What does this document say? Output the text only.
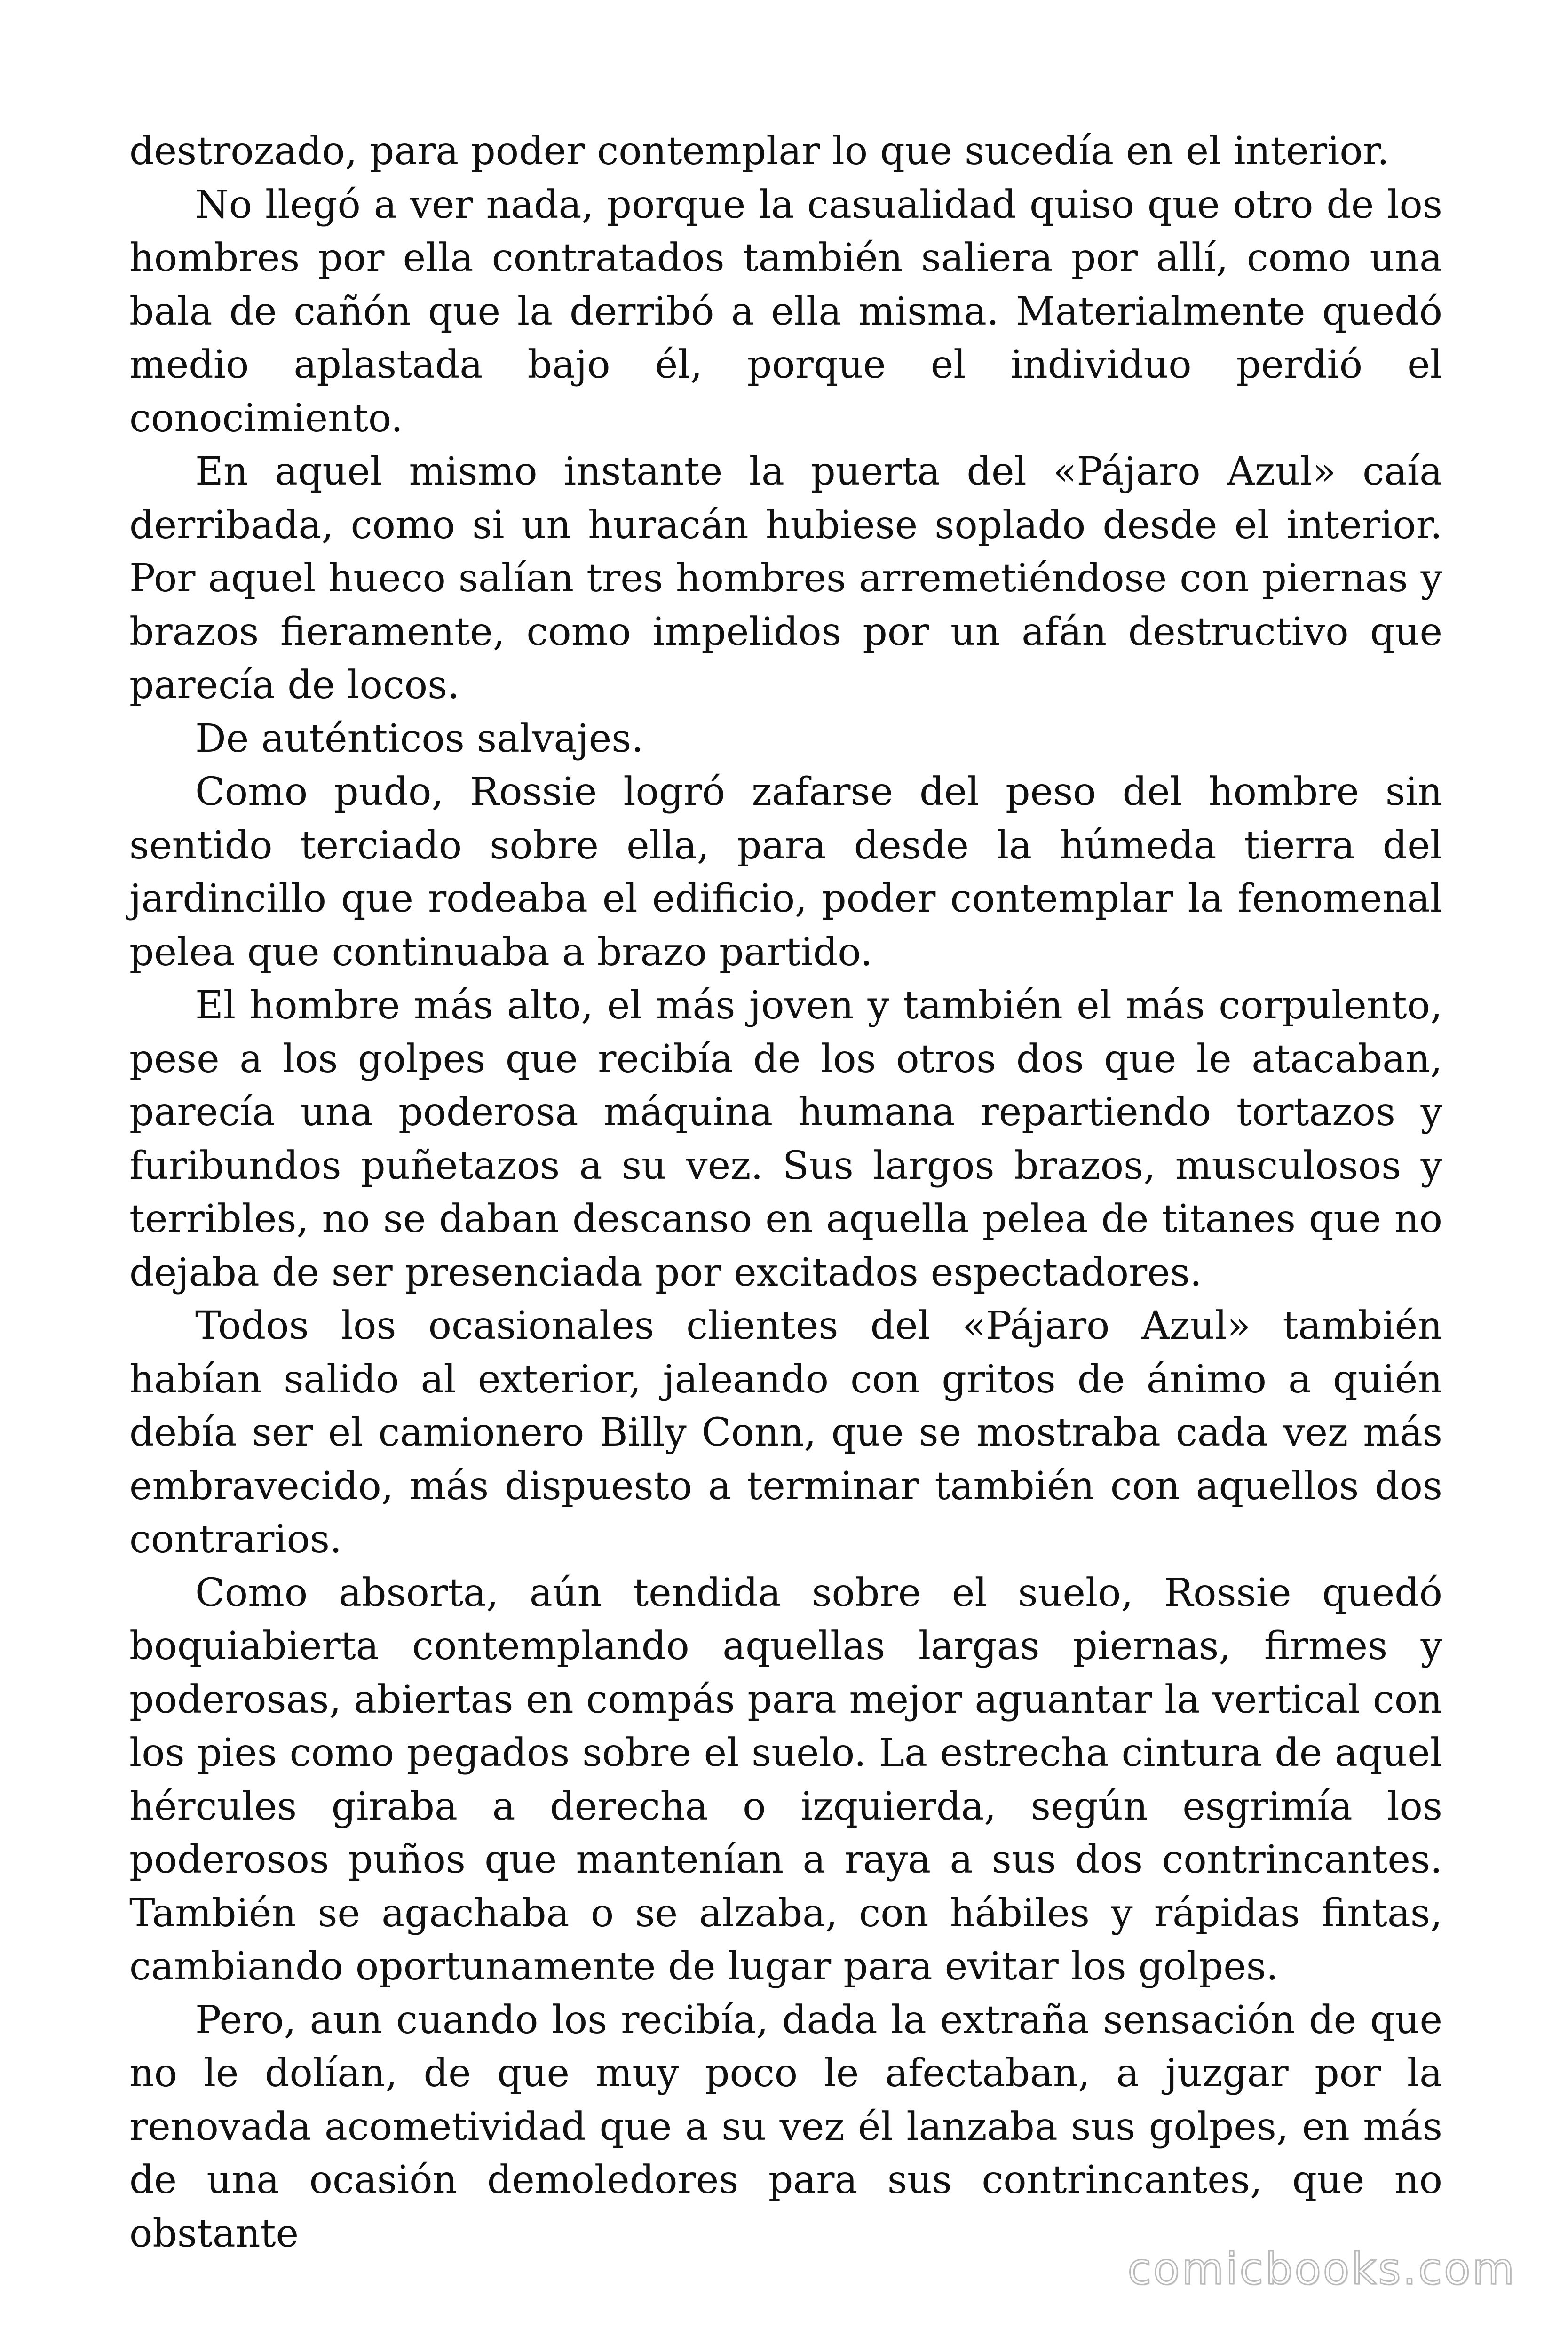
destrozado, para poder contemplar lo que sucedía en el interior.

No llegó a ver nada, porque la casualidad quiso que otro de los hombres por ella contratados también saliera por allí, como una bala de cañón que la derribó a ella misma. Materialmente quedó medio aplastada bajo él, porque el individuo perdió el conocimiento.

En aquel mismo instante la puerta del «Pájaro Azul» caía derribada, como si un huracán hubiese soplado desde el interior. Por aquel hueco salían tres hombres arremetiéndose con piernas y brazos fieramente, como impelidos por un afán destructivo que parecía de locos.

De auténticos salvajes.

Como pudo, Rossie logró zafarse del peso del hombre sin sentido terciado sobre ella, para desde la húmeda tierra del jardincillo que rodeaba el edificio, poder contemplar la fenomenal pelea que continuaba a brazo partido.

El hombre más alto, el más joven y también el más corpulento, pese a los golpes que recibía de los otros dos que le atacaban, parecía una poderosa máquina humana repartiendo tortazos y furibundos puñetazos a su vez. Sus largos brazos, musculosos y terribles, no se daban descanso en aquella pelea de titanes que no dejaba de ser presenciada por excitados espectadores.

Todos los ocasionales clientes del «Pájaro Azul» también habían salido al exterior, jaleando con gritos de ánimo a quién debía ser el camionero Billy Conn, que se mostraba cada vez más embravecido, más dispuesto a terminar también con aquellos dos contrarios.

Como absorta, aún tendida sobre el suelo, Rossie quedó boquiabierta contemplando aquellas largas piernas, firmes y poderosas, abiertas en compás para mejor aguantar la vertical con los pies como pegados sobre el suelo. La estrecha cintura de aquel hércules giraba a derecha o izquierda, según esgrimía los poderosos puños que mantenían a raya a sus dos contrincantes. También se agachaba o se alzaba, con hábiles y rápidas fintas, cambiando oportunamente de lugar para evitar los golpes.

Pero, aun cuando los recibía, dada la extraña sensación de que no le dolían, de que muy poco le afectaban, a juzgar por la renovada acometividad que a su vez él lanzaba sus golpes, en más de una ocasión demoledores para sus contrincantes, que no obstante

comicbooks.com
